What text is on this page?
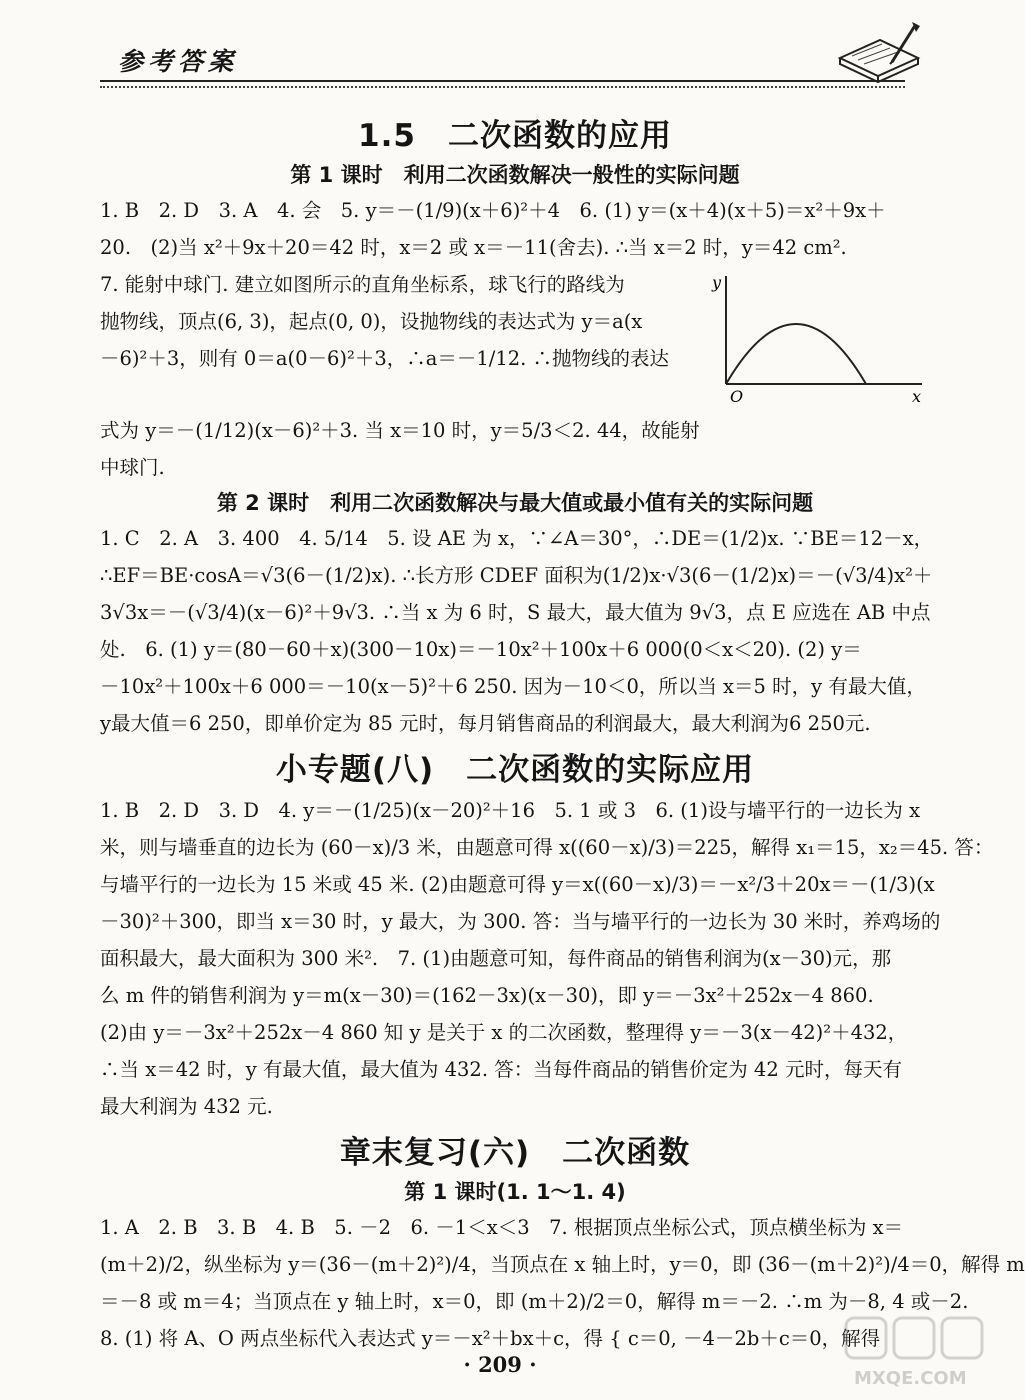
参考答案
1.5　二次函数的应用
第 1 课时　利用二次函数解决一般性的实际问题

1. B　2. D　3. A　4. 会　5. y＝－(1/9)(x＋6)²＋4　6. (1) y＝(x＋4)(x＋5)＝x²＋9x＋

20.　(2)当 x²＋9x＋20＝42 时，x＝2 或 x＝－11(舍去). ∴当 x＝2 时，y＝42 cm².

7. 能射中球门. 建立如图所示的直角坐标系，球飞行的路线为

抛物线，顶点(6, 3)，起点(0, 0)，设抛物线的表达式为 y＝a(x

－6)²＋3，则有 0＝a(0－6)²＋3，∴a＝－1/12. ∴抛物线的表达

y
x
O

式为 y＝－(1/12)(x－6)²＋3. 当 x＝10 时，y＝5/3＜2. 44，故能射

中球门.

第 2 课时　利用二次函数解决与最大值或最小值有关的实际问题

1. C　2. A　3. 400　4. 5/14　5. 设 AE 为 x，∵∠A＝30°，∴DE＝(1/2)x. ∵BE＝12－x，

∴EF＝BE·cosA＝√3(6－(1/2)x). ∴长方形 CDEF 面积为(1/2)x·√3(6－(1/2)x)＝－(√3/4)x²＋

3√3x＝－(√3/4)(x－6)²＋9√3. ∴当 x 为 6 时，S 最大，最大值为 9√3，点 E 应选在 AB 中点

处.　6. (1) y＝(80－60＋x)(300－10x)＝－10x²＋100x＋6 000(0＜x＜20). (2) y＝

－10x²＋100x＋6 000＝－10(x－5)²＋6 250. 因为－10＜0，所以当 x＝5 时，y 有最大值，

y最大值＝6 250，即单价定为 85 元时，每月销售商品的利润最大，最大利润为6 250元.

小专题(八)　二次函数的实际应用

1. B　2. D　3. D　4. y＝－(1/25)(x－20)²＋16　5. 1 或 3　6. (1)设与墙平行的一边长为 x

米，则与墙垂直的边长为 (60－x)/3 米，由题意可得 x((60－x)/3)＝225，解得 x₁＝15，x₂＝45. 答：

与墙平行的一边长为 15 米或 45 米. (2)由题意可得 y＝x((60－x)/3)＝－x²/3＋20x＝－(1/3)(x

－30)²＋300，即当 x＝30 时，y 最大，为 300. 答：当与墙平行的一边长为 30 米时，养鸡场的

面积最大，最大面积为 300 米².　7. (1)由题意可知，每件商品的销售利润为(x－30)元，那

么 m 件的销售利润为 y＝m(x－30)＝(162－3x)(x－30)，即 y＝－3x²＋252x－4 860.

(2)由 y＝－3x²＋252x－4 860 知 y 是关于 x 的二次函数，整理得 y＝－3(x－42)²＋432，

∴当 x＝42 时，y 有最大值，最大值为 432. 答：当每件商品的销售价定为 42 元时，每天有

最大利润为 432 元.

章末复习(六)　二次函数
第 1 课时(1. 1～1. 4)

1. A　2. B　3. B　4. B　5. －2　6. －1＜x＜3　7. 根据顶点坐标公式，顶点横坐标为 x＝

(m＋2)/2，纵坐标为 y＝(36－(m＋2)²)/4，当顶点在 x 轴上时，y＝0，即 (36－(m＋2)²)/4＝0，解得 m

＝－8 或 m＝4；当顶点在 y 轴上时，x＝0，即 (m＋2)/2＝0，解得 m＝－2. ∴m 为－8, 4 或－2.

8. (1) 将 A、O 两点坐标代入表达式 y＝－x²＋bx＋c，得 { c＝0, －4－2b＋c＝0，解得

· 209 ·
MXQE.COM
